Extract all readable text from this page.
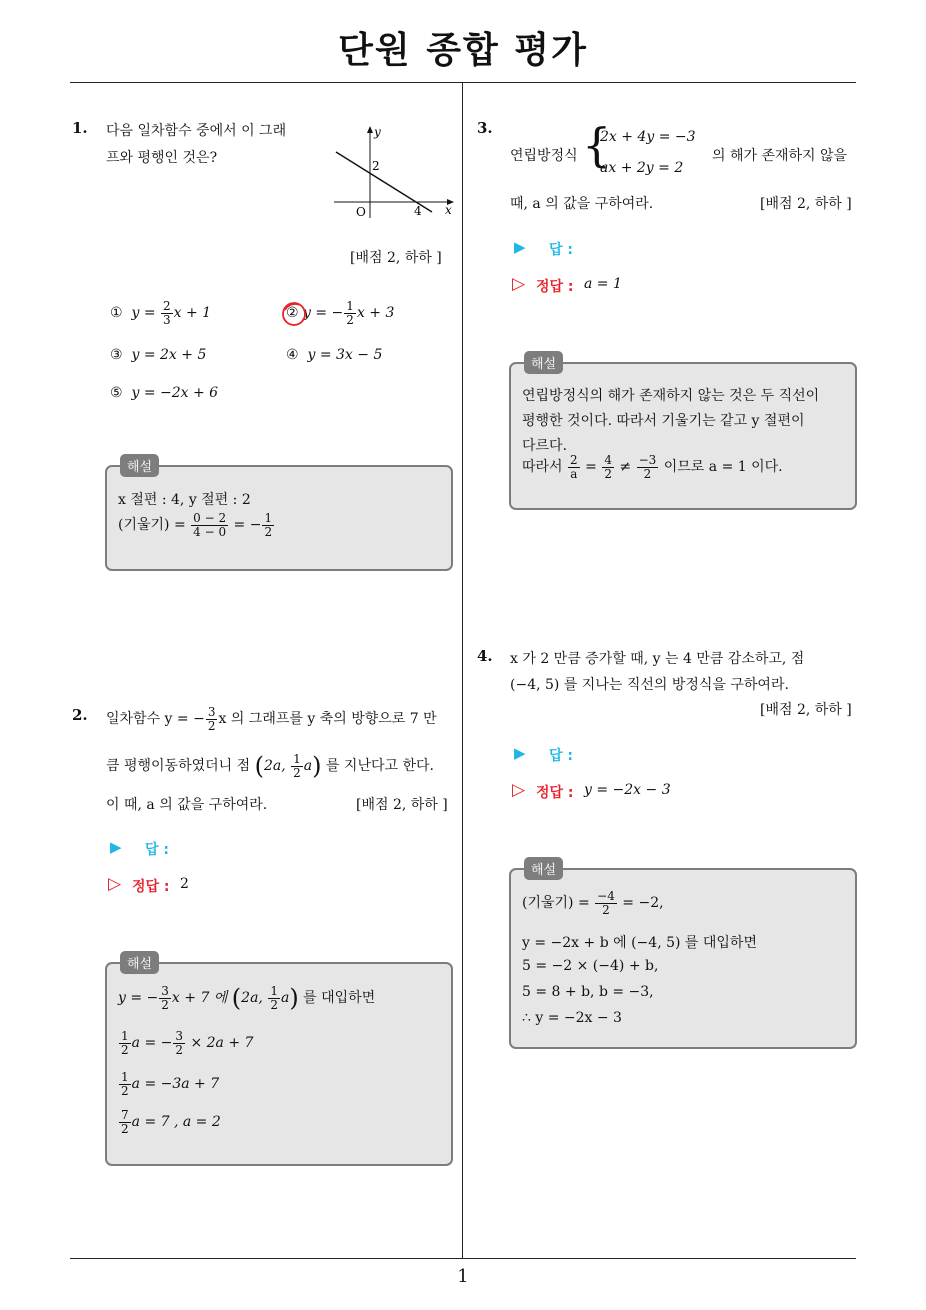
단원 종합 평가
1
1. 다음 일차함수 중에서 이 그래
프와 평행인 것은?
y
x
O
2
4
[배점 2, 하하 ]
① $y = \frac{2}{3}$ x + 1	② y = − $\frac{1}{2}$ x + 3
③ y = 2x + 5	④ y = 3x − 5
⑤ y = −2x + 6
해설
x 절편 : 4, y 절편 : 2
(기울기) = $\frac{0 - 2}{4 - 0}$ = − $\frac{1}{2}$
2. 일차함수 y = − $\frac{3}{2}$ x 의 그래프를 y 축의 방향으로 7 만
큼 평행이동하였더니 점 (2a, $\frac{1}{2} a$) 를 지난다고 한다.
이 때, a 의 값을 구하여라.	[배점 2, 하하 ]
▶ 답 :
▷ 정답 : 2
해설
y = − $\frac{3}{2}$ x + 7 에 (2a, $\frac{1}{2} a$) 를 대입하면
$\frac{1}{2}$ a = − $\frac{3}{2} \times 2a + 7$
$\frac{1}{2}$ a = −3a + 7
$\frac{7}{2}$ a = 7 , a = 2
3.
연립방정식 {
2x + 4y = −3
ax + 2y = 2
의 해가 존재하지 않을
때, a 의 값을 구하여라.	[배점 2, 하하 ]
▶ 답 :
▷ 정답 : a = 1
해설
연립방정식의 해가 존재하지 않는 것은 두 직선이
평행한 것이다. 따라서 기울기는 같고 y 절편이
다르다.
따라서 $\frac{2}{a} = \frac{4}{2} \ne \frac{-3}{2}$ 이므로 a = 1 이다.
4. x 가 2 만큼 증가할 때, y 는 4 만큼 감소하고, 점
(−4, 5) 를 지나는 직선의 방정식을 구하여라.
[배점 2, 하하 ]
▶ 답 :
▷ 정답 : y = −2x − 3
해설
(기울기) = $\frac{-4}{2} = -2$,
y = −2x + b 에 (−4, 5) 를 대입하면
5 = −2 × (−4) + b,
5 = 8 + b, b = −3,
∴ y = −2x − 3
